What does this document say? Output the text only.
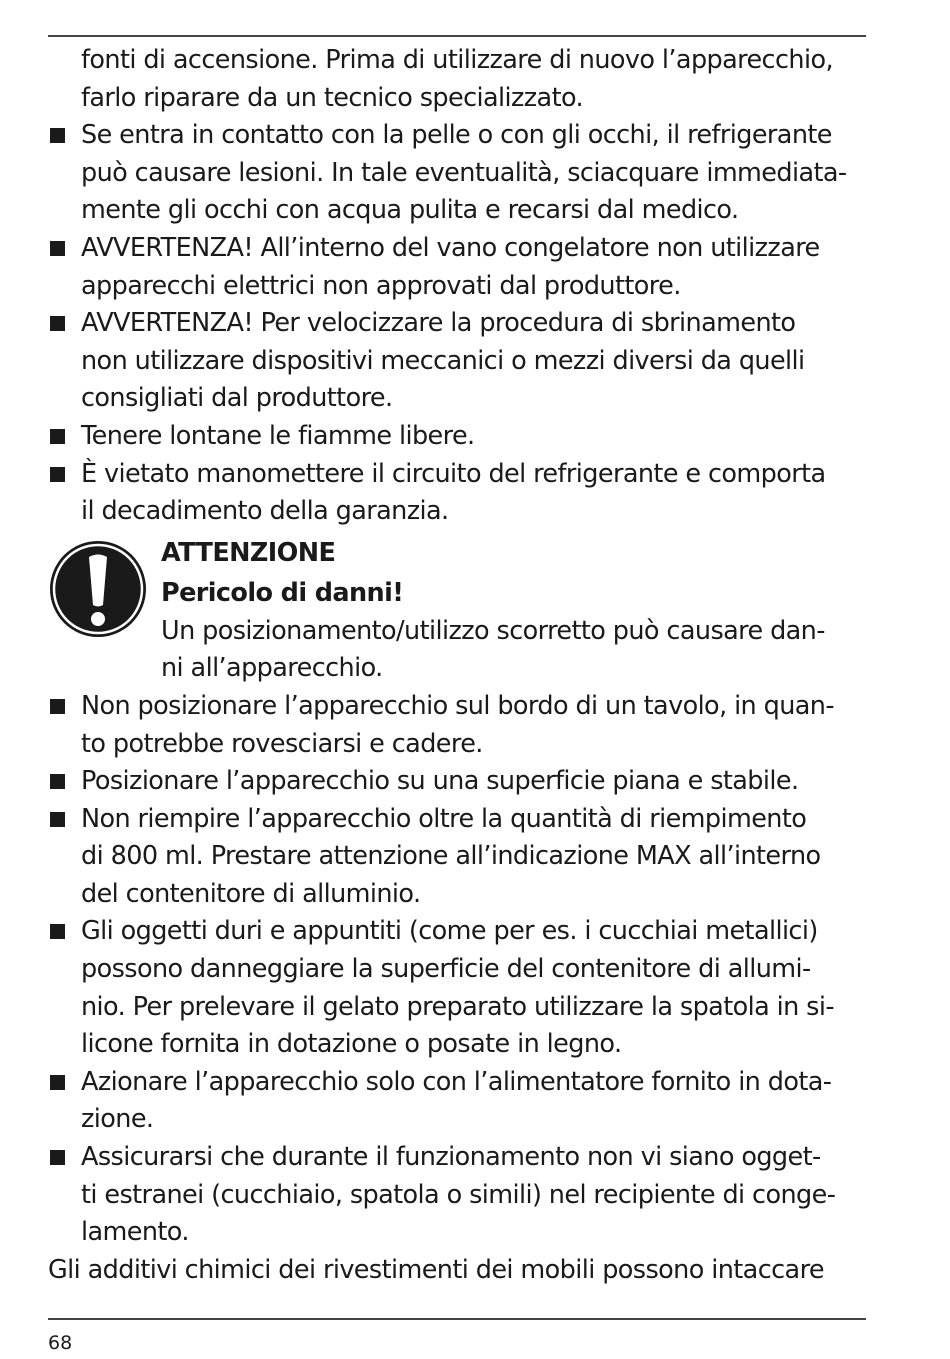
fonti di accensione. Prima di utilizzare di nuovo l’apparecchio,
farlo riparare da un tecnico specializzato.
Se entra in contatto con la pelle o con gli occhi, il refrigerante
può causare lesioni. In tale eventualità, sciacquare immediata-
mente gli occhi con acqua pulita e recarsi dal medico.
AVVERTENZA! All’interno del vano congelatore non utilizzare
apparecchi elettrici non approvati dal produttore.
AVVERTENZA! Per velocizzare la procedura di sbrinamento
non utilizzare dispositivi meccanici o mezzi diversi da quelli
consigliati dal produttore.
Tenere lontane le fiamme libere.
È vietato manomettere il circuito del refrigerante e comporta
il decadimento della garanzia.
ATTENZIONE
Pericolo di danni!
Un posizionamento/utilizzo scorretto può causare dan-
ni all’apparecchio.
Non posizionare l’apparecchio sul bordo di un tavolo, in quan-
to potrebbe rovesciarsi e cadere.
Posizionare l’apparecchio su una superficie piana e stabile.
Non riempire l’apparecchio oltre la quantità di riempimento
di 800 ml. Prestare attenzione all’indicazione MAX all’interno
del contenitore di alluminio.
Gli oggetti duri e appuntiti (come per es. i cucchiai metallici)
possono danneggiare la superficie del contenitore di allumi-
nio. Per prelevare il gelato preparato utilizzare la spatola in si-
licone fornita in dotazione o posate in legno.
Azionare l’apparecchio solo con l’alimentatore fornito in dota-
zione.
Assicurarsi che durante il funzionamento non vi siano ogget-
ti estranei (cucchiaio, spatola o simili) nel recipiente di conge-
lamento.
Gli additivi chimici dei rivestimenti dei mobili possono intaccare
68
